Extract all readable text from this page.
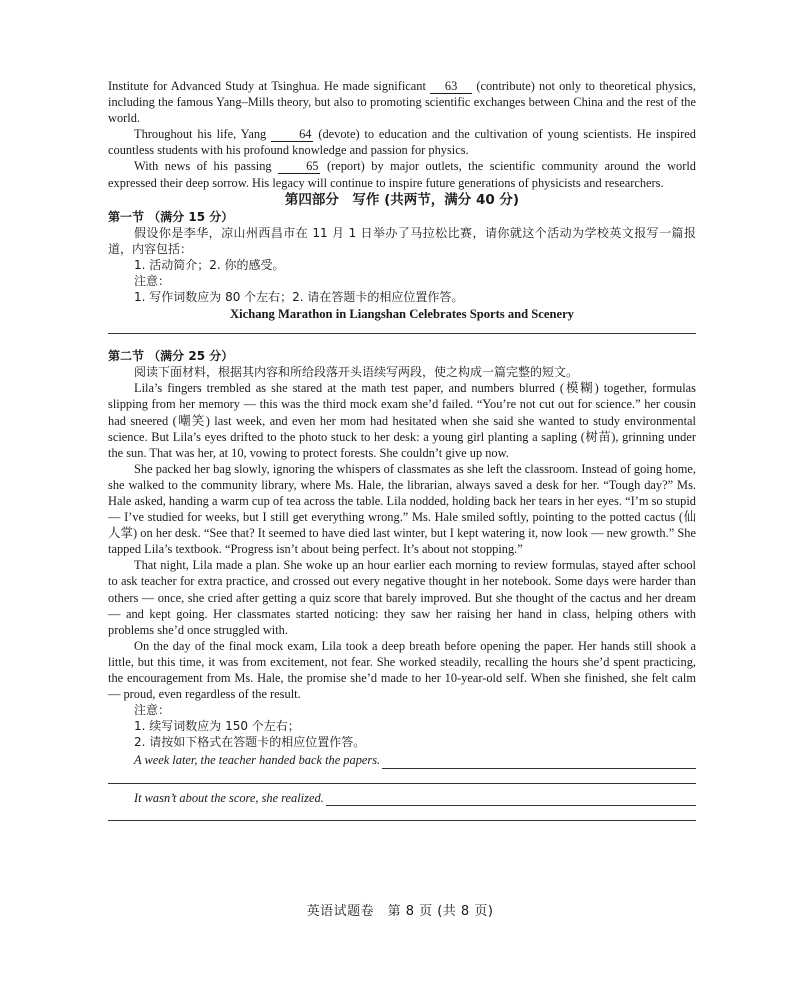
Institute for Advanced Study at Tsinghua. He made significant 63 (contribute) not only to theoretical physics, including the famous Yang–Mills theory, but also to promoting scientific exchanges between China and the rest of the world.

Throughout his life, Yang	64 (devote) to education and the cultivation of young scientists. He inspired countless students with his profound knowledge and passion for physics.

With news of his passing	65 (report) by major outlets, the scientific community around the world expressed their deep sorrow. His legacy will continue to inspire future generations of physicists and researchers.

第四部分　写作 (共两节，满分 40 分)
第一节 （满分 15 分）

假设你是李华，凉山州西昌市在 11 月 1 日举办了马拉松比赛，请你就这个活动为学校英文报写一篇报道，内容包括：

1. 活动简介；2. 你的感受。

注意：

1. 写作词数应为 80 个左右；2. 请在答题卡的相应位置作答。

Xichang Marathon in Liangshan Celebrates Sports and Scenery
第二节 （满分 25 分）

阅读下面材料，根据其内容和所给段落开头语续写两段，使之构成一篇完整的短文。

Lila’s fingers trembled as she stared at the math test paper, and numbers blurred (模糊) together, formulas slipping from her memory — this was the third mock exam she’d failed. “You’re not cut out for science.” her cousin had sneered (嘲笑) last week, and even her mom had hesitated when she said she wanted to study environmental science. But Lila’s eyes drifted to the photo stuck to her desk: a young girl planting a sapling (树苗), grinning under the sun. That was her, at 10, vowing to protect forests. She couldn’t give up now.

She packed her bag slowly, ignoring the whispers of classmates as she left the classroom. Instead of going home, she walked to the community library, where Ms. Hale, the librarian, always saved a desk for her. “Tough day?” Ms. Hale asked, handing a warm cup of tea across the table. Lila nodded, holding back her tears in her eyes. “I’m so stupid — I’ve studied for weeks, but I still get everything wrong.” Ms. Hale smiled softly, pointing to the potted cactus (仙人掌) on her desk. “See that? It seemed to have died last winter, but I kept watering it, now look — new growth.” She tapped Lila’s textbook. “Progress isn’t about being perfect. It’s about not stopping.”

That night, Lila made a plan. She woke up an hour earlier each morning to review formulas, stayed after school to ask teacher for extra practice, and crossed out every negative thought in her notebook. Some days were harder than others — once, she cried after getting a quiz score that barely improved. But she thought of the cactus and her dream — and kept going. Her classmates started noticing: they saw her raising her hand in class, helping others with problems she’d once struggled with.

On the day of the final mock exam, Lila took a deep breath before opening the paper. Her hands still shook a little, but this time, it was from excitement, not fear. She worked steadily, recalling the hours she’d spent practicing, the encouragement from Ms. Hale, the promise she’d made to her 10-year-old self. When she finished, she felt calm — proud, even regardless of the result.

注意：

1. 续写词数应为 150 个左右；

2. 请按如下格式在答题卡的相应位置作答。

A week later, the teacher handed back the papers.
It wasn’t about the score, she realized.
英语试题卷　第 8 页 (共 8 页)
